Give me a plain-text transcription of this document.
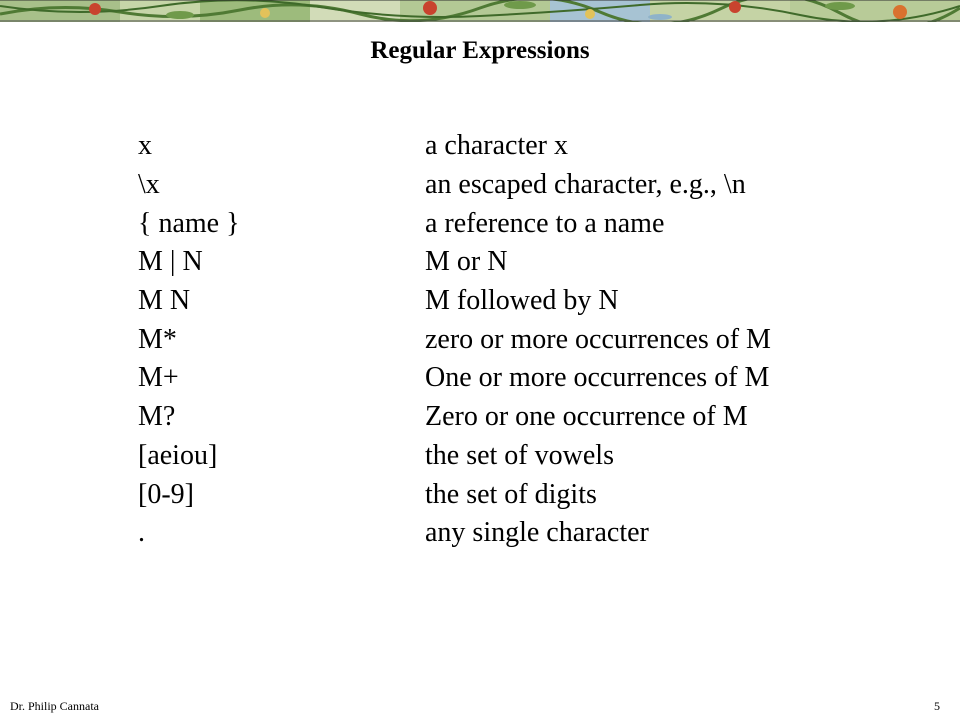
Regular Expressions
x	a character x
\x	an escaped character, e.g., \n
{ name }	a reference to a name
M | N	M or N
M N	M followed by N
M*	zero or more occurrences of M
M+	One or more occurrences of M
M?	Zero or one occurrence of M
[aeiou]	the set of vowels
[0-9]	the set of digits
.	any single character
Dr. Philip Cannata	5
